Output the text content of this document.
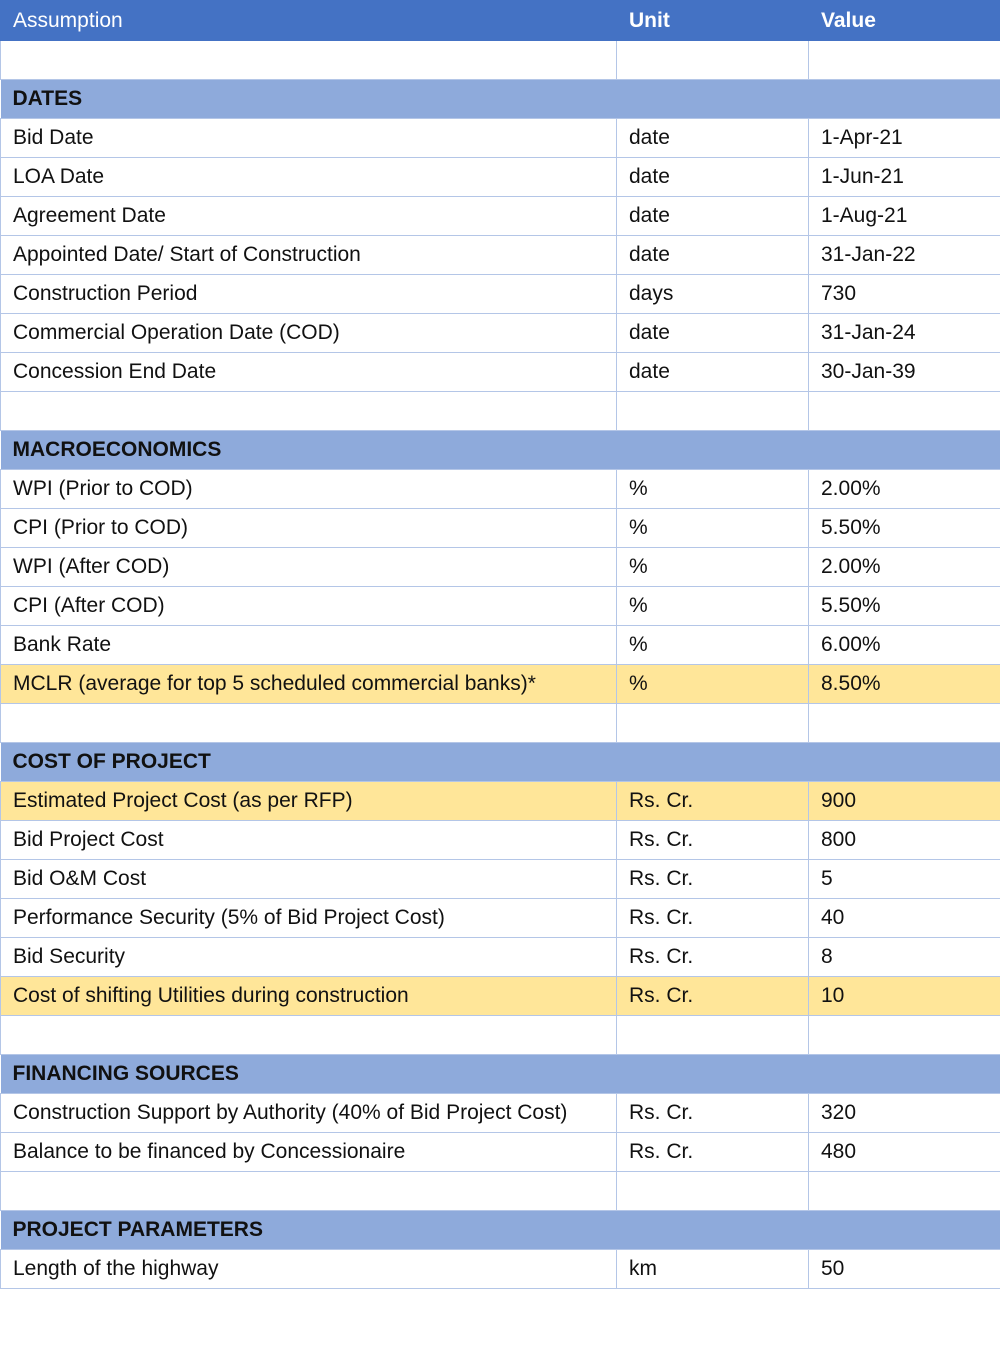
Assumption	Unit	Value

DATES		
Bid Date	date	1-Apr-21
LOA Date	date	1-Jun-21
Agreement Date	date	1-Aug-21
Appointed Date/ Start of Construction	date	31-Jan-22
Construction Period	days	730
Commercial Operation Date (COD)	date	31-Jan-24
Concession End Date	date	30-Jan-39

MACROECONOMICS		
WPI (Prior to COD)	%	2.00%
CPI (Prior to COD)	%	5.50%
WPI (After COD)	%	2.00%
CPI (After COD)	%	5.50%
Bank Rate	%	6.00%
MCLR (average for top 5 scheduled commercial banks)*	%	8.50%

COST OF PROJECT		
Estimated Project Cost (as per RFP)	Rs. Cr.	900
Bid Project Cost	Rs. Cr.	800
Bid O&M Cost	Rs. Cr.	5
Performance Security (5% of Bid Project Cost)	Rs. Cr.	40
Bid Security	Rs. Cr.	8
Cost of shifting Utilities during construction	Rs. Cr.	10

FINANCING SOURCES		
Construction Support by Authority (40% of Bid Project Cost)	Rs. Cr.	320
Balance to be financed by Concessionaire	Rs. Cr.	480

PROJECT PARAMETERS		
Length of the highway	km	50
